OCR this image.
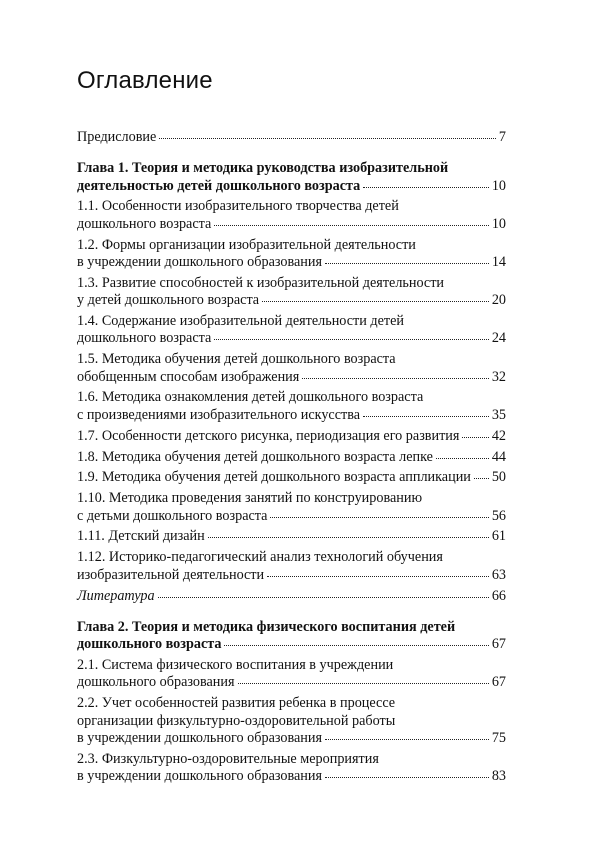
Оглавление
Предисловие	7
Глава 1. Теория и методика руководства изобразительной
деятельностью детей дошкольного возраста	10
1.1. Особенности изобразительного творчества детей
дошкольного возраста	10
1.2. Формы организации изобразительной деятельности
в учреждении дошкольного образования	14
1.3. Развитие способностей к изобразительной деятельности
у детей дошкольного возраста	20
1.4. Содержание изобразительной деятельности детей
дошкольного возраста	24
1.5. Методика обучения детей дошкольного возраста
обобщенным способам изображения	32
1.6. Методика ознакомления детей дошкольного возраста
с произведениями изобразительного искусства	35
1.7. Особенности детского рисунка, периодизация его развития 42
1.8. Методика обучения детей дошкольного возраста лепке	44
1.9. Методика обучения детей дошкольного возраста аппликации 50
1.10. Методика проведения занятий по конструированию
с детьми дошкольного возраста	56
1.11. Детский дизайн	61
1.12. Историко-педагогический анализ технологий обучения
изобразительной деятельности	63
Литература	66
Глава 2. Теория и методика физического воспитания детей
дошкольного возраста	67
2.1. Система физического воспитания в учреждении
дошкольного образования	67
2.2. Учет особенностей развития ребенка в процессе
организации физкультурно-оздоровительной работы
в учреждении дошкольного образования	75
2.3. Физкультурно-оздоровительные мероприятия
в учреждении дошкольного образования	83
